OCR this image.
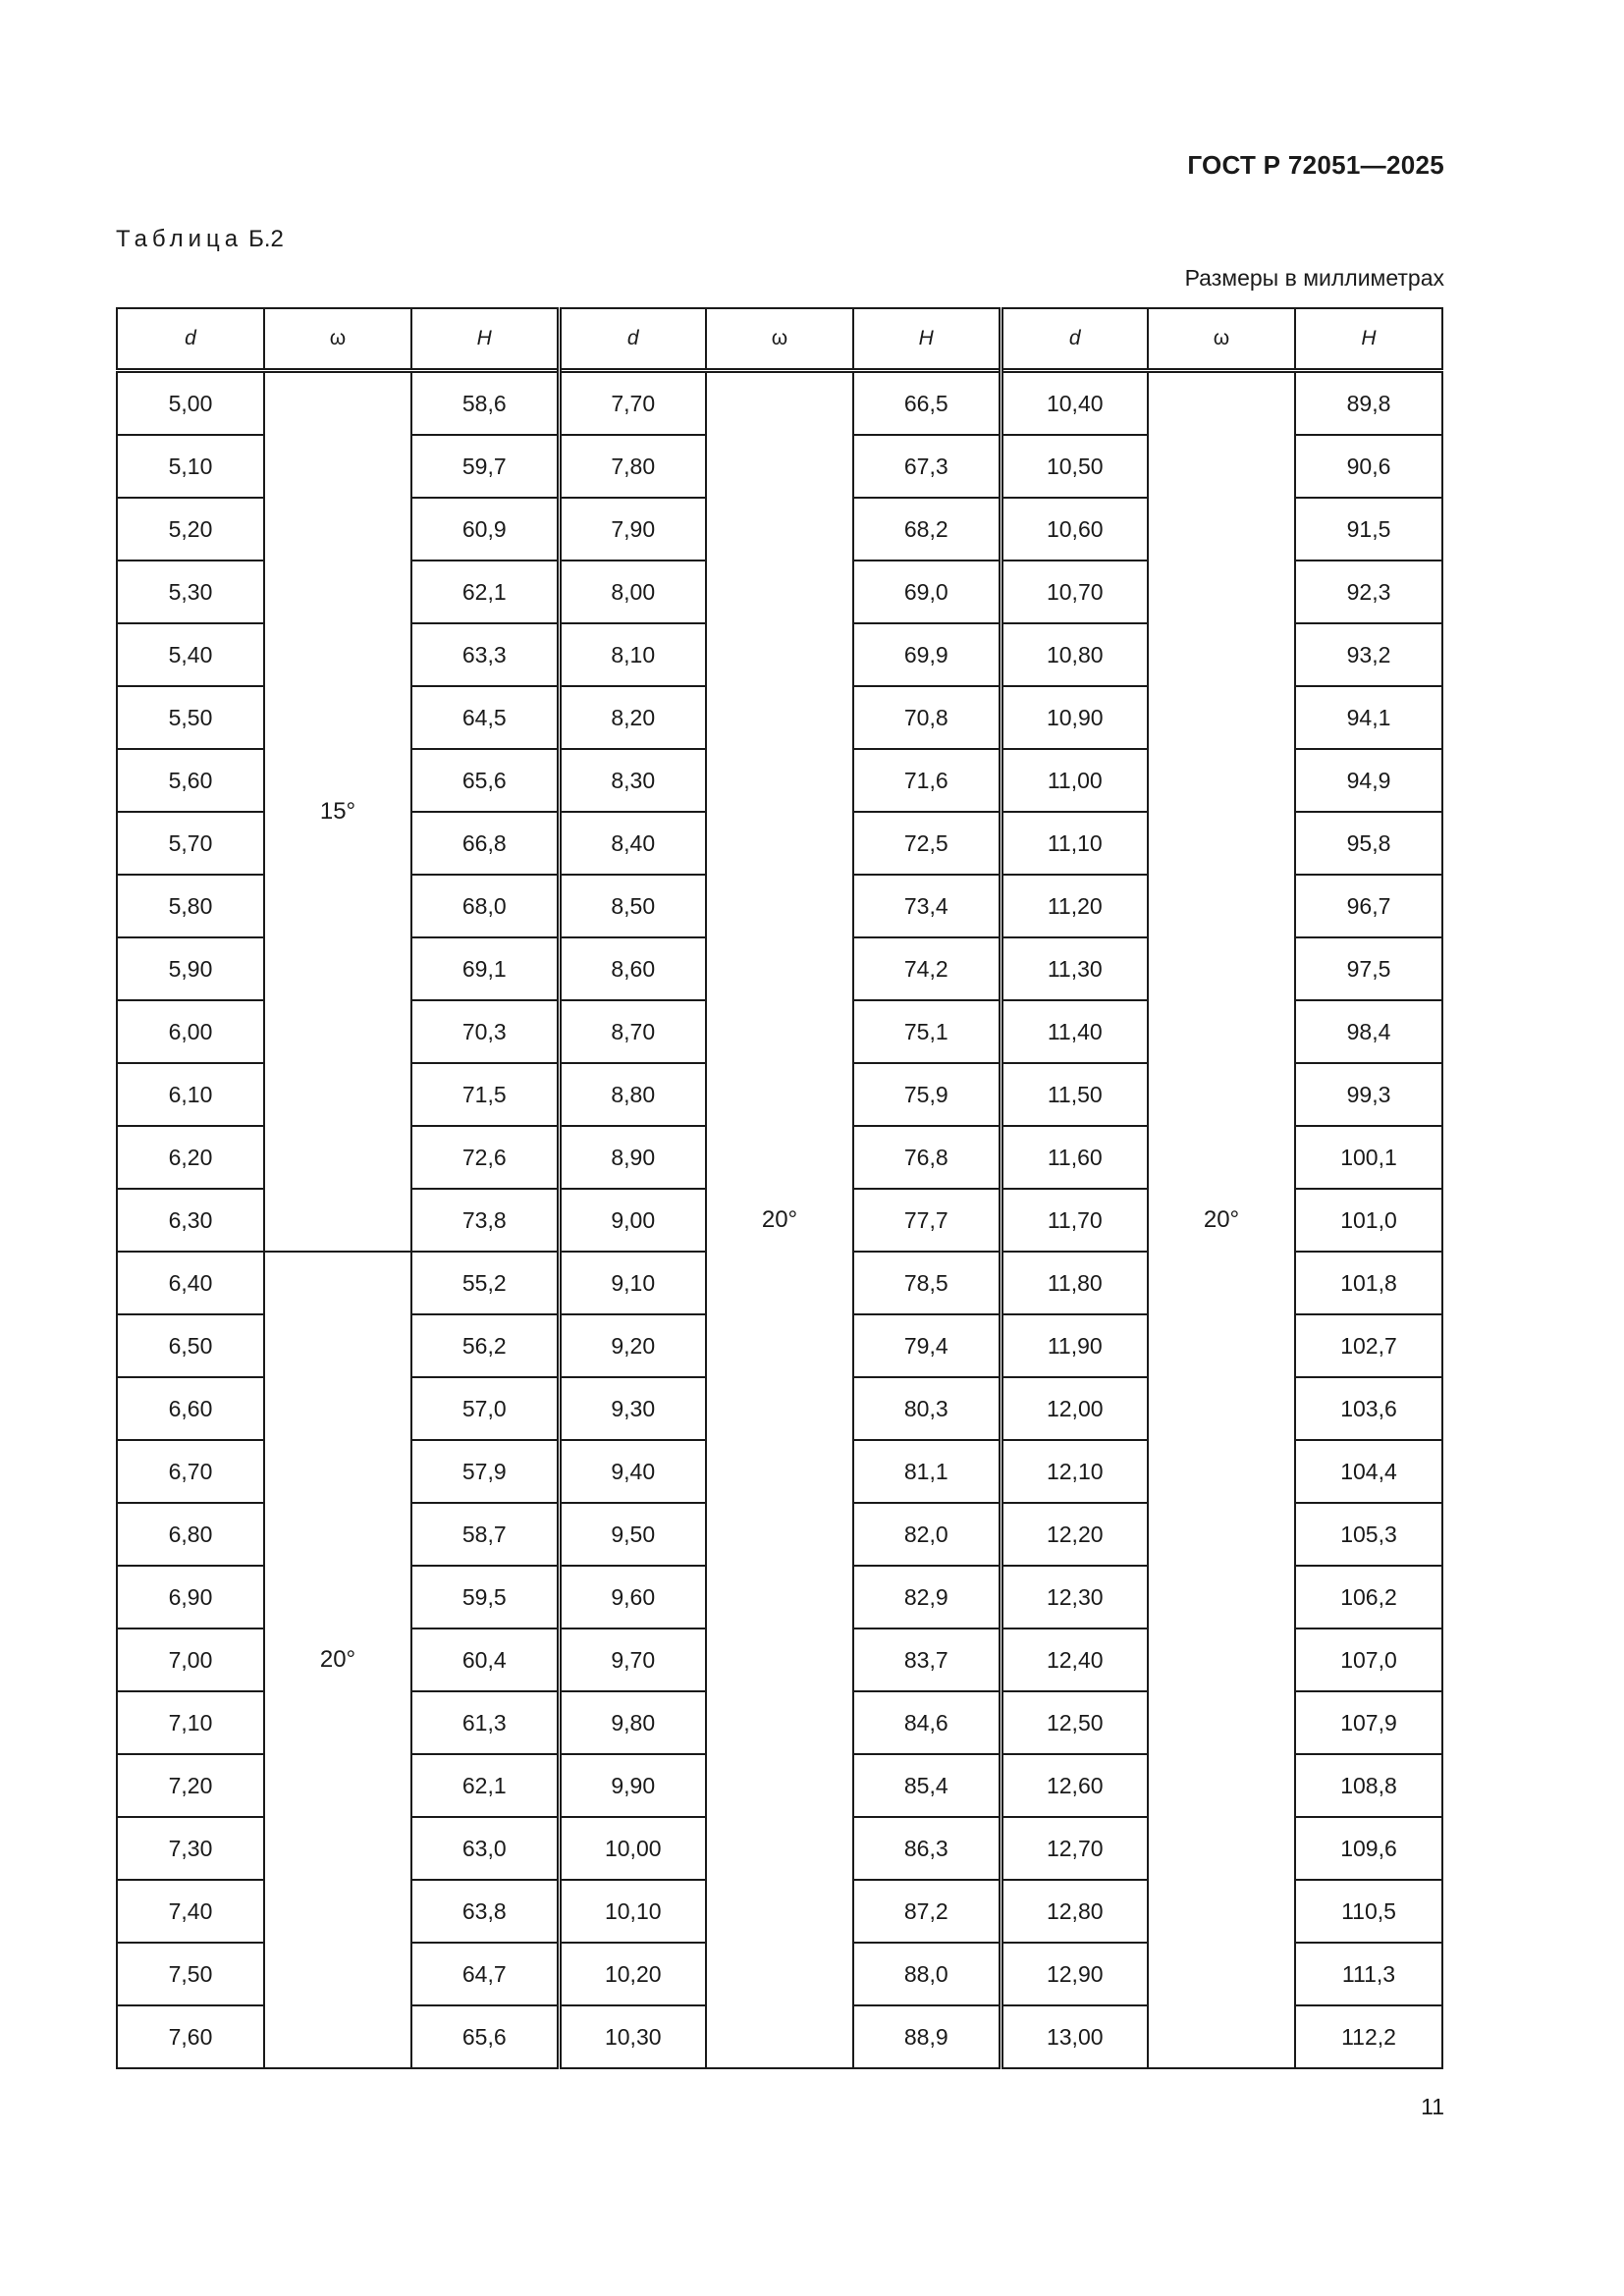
ГОСТ Р 72051—2025
Таблица Б.2
Размеры в миллиметрах
d	ω	H	d	ω	H	d	ω	H
5,00	15°	58,6	7,70	20°	66,5	10,40	20°	89,8
5,10		59,7	7,80		67,3	10,50		90,6
5,20		60,9	7,90		68,2	10,60		91,5
5,30		62,1	8,00		69,0	10,70		92,3
5,40		63,3	8,10		69,9	10,80		93,2
5,50		64,5	8,20		70,8	10,90		94,1
5,60		65,6	8,30		71,6	11,00		94,9
5,70		66,8	8,40		72,5	11,10		95,8
5,80		68,0	8,50		73,4	11,20		96,7
5,90		69,1	8,60		74,2	11,30		97,5
6,00		70,3	8,70		75,1	11,40		98,4
6,10		71,5	8,80		75,9	11,50		99,3
6,20		72,6	8,90		76,8	11,60		100,1
6,30		73,8	9,00		77,7	11,70		101,0
6,40	20°	55,2	9,10		78,5	11,80		101,8
6,50		56,2	9,20		79,4	11,90		102,7
6,60		57,0	9,30		80,3	12,00		103,6
6,70		57,9	9,40		81,1	12,10		104,4
6,80		58,7	9,50		82,0	12,20		105,3
6,90		59,5	9,60		82,9	12,30		106,2
7,00		60,4	9,70		83,7	12,40		107,0
7,10		61,3	9,80		84,6	12,50		107,9
7,20		62,1	9,90		85,4	12,60		108,8
7,30		63,0	10,00		86,3	12,70		109,6
7,40		63,8	10,10		87,2	12,80		110,5
7,50		64,7	10,20		88,0	12,90		111,3
7,60		65,6	10,30		88,9	13,00		112,2
11
